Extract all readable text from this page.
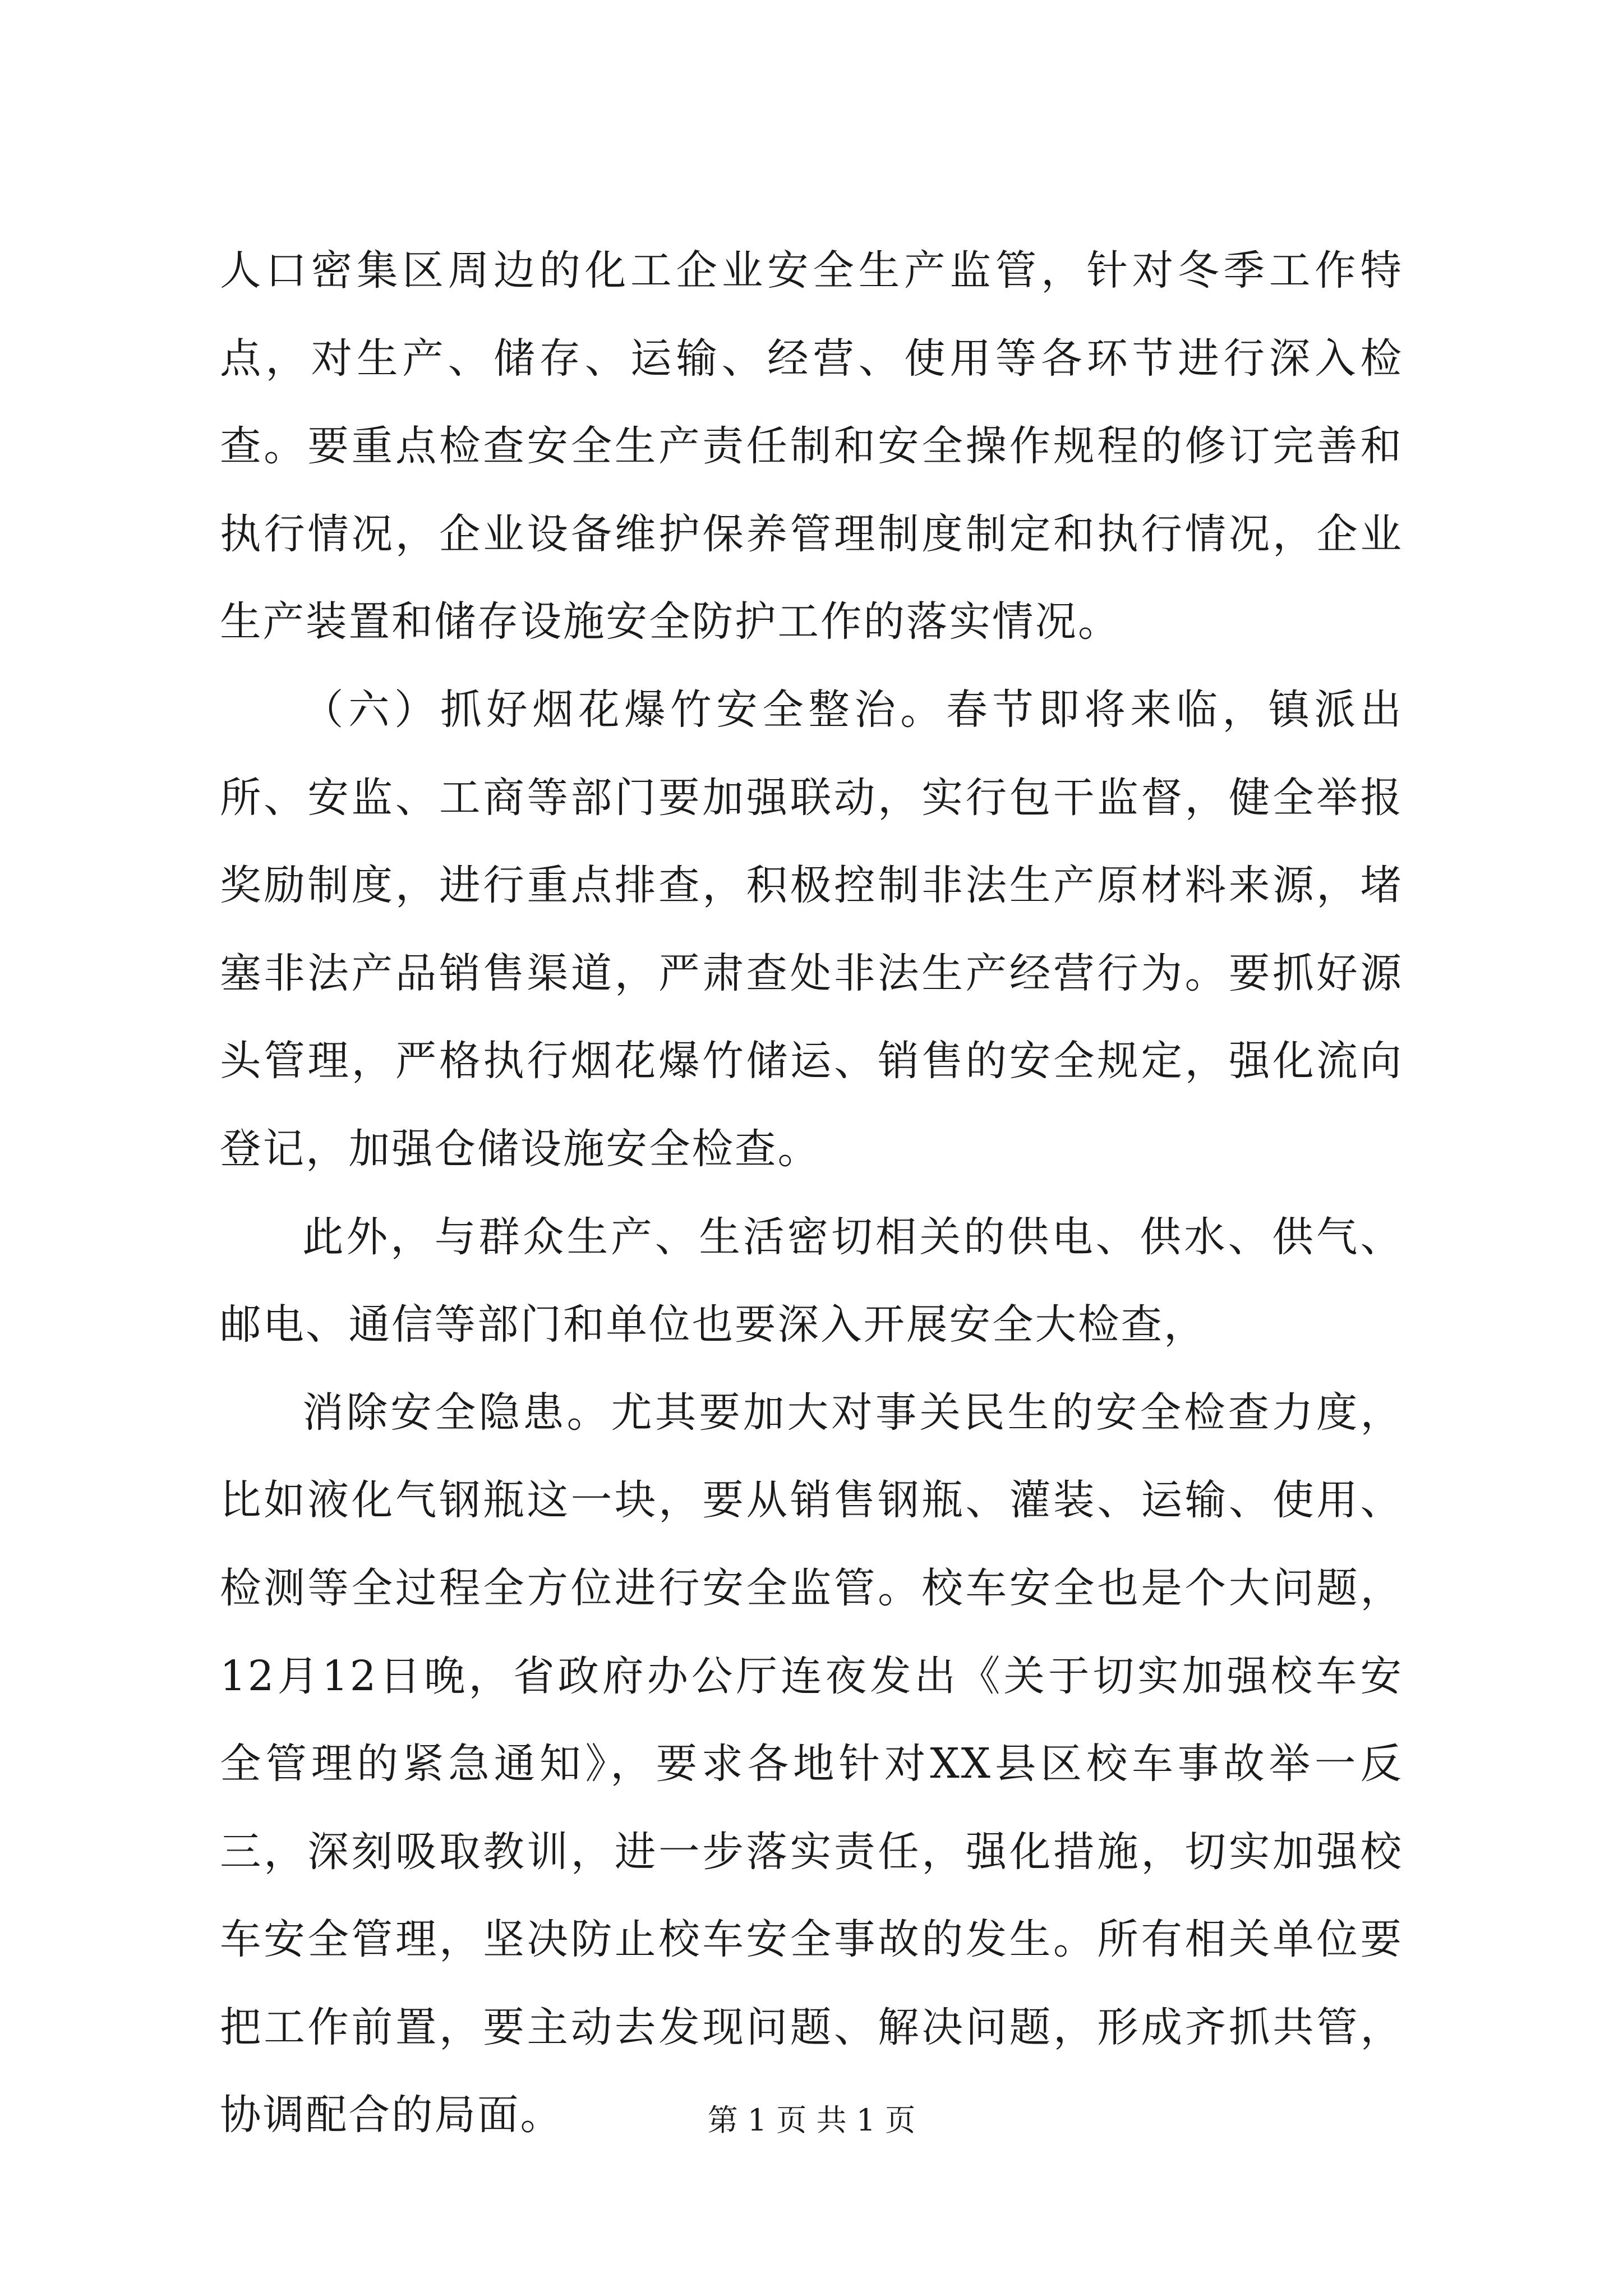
人口密集区周边的化工企业安全生产监管，针对冬季工作特点，对生产、储存、运输、经营、使用等各环节进行深入检查。要重点检查安全生产责任制和安全操作规程的修订完善和执行情况，企业设备维护保养管理制度制定和执行情况，企业生产装置和储存设施安全防护工作的落实情况。

（六）抓好烟花爆竹安全整治。春节即将来临，镇派出所、安监、工商等部门要加强联动，实行包干监督，健全举报奖励制度，进行重点排查，积极控制非法生产原材料来源，堵塞非法产品销售渠道，严肃查处非法生产经营行为。要抓好源头管理，严格执行烟花爆竹储运、销售的安全规定，强化流向登记，加强仓储设施安全检查。

此外，与群众生产、生活密切相关的供电、供水、供气、邮电、通信等部门和单位也要深入开展安全大检查，

消除安全隐患。尤其要加大对事关民生的安全检查力度，比如液化气钢瓶这一块，要从销售钢瓶、灌装、运输、使用、检测等全过程全方位进行安全监管。校车安全也是个大问题，12月12日晚，省政府办公厅连夜发出《关于切实加强校车安全管理的紧急通知》，要求各地针对XX县区校车事故举一反三，深刻吸取教训，进一步落实责任，强化措施，切实加强校车安全管理，坚决防止校车安全事故的发生。所有相关单位要把工作前置，要主动去发现问题、解决问题，形成齐抓共管，协调配合的局面。	第 1 页 共 1 页
